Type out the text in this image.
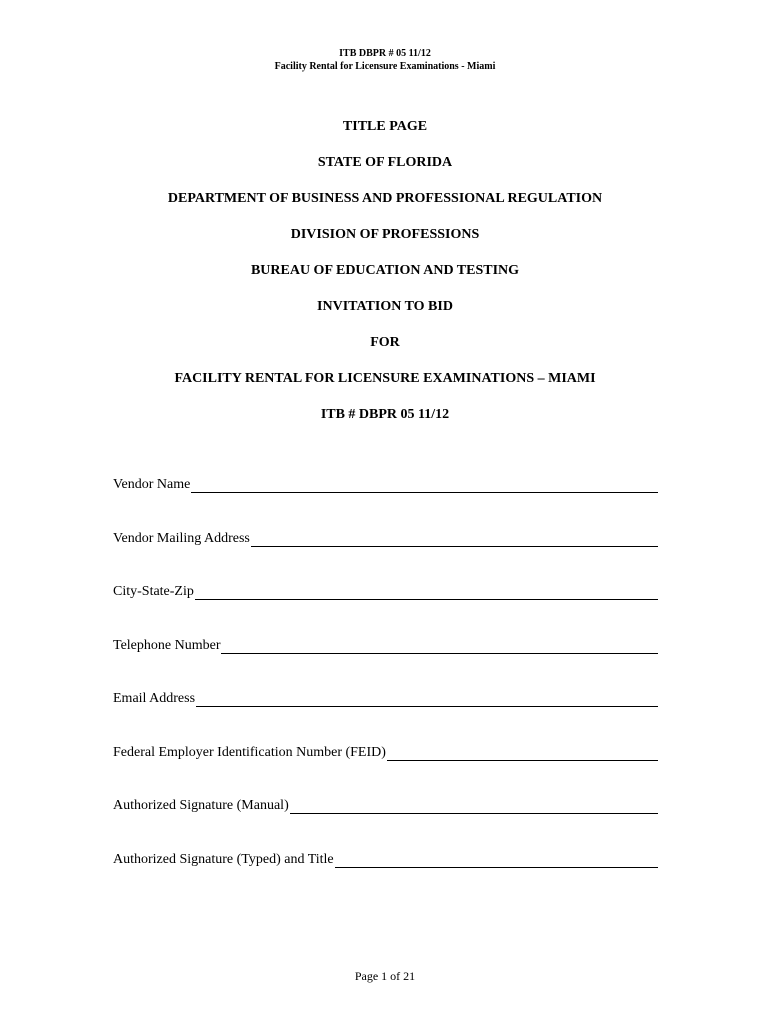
ITB DBPR # 05 11/12
Facility Rental for Licensure Examinations - Miami
TITLE PAGE
STATE OF FLORIDA
DEPARTMENT OF BUSINESS AND PROFESSIONAL REGULATION
DIVISION OF PROFESSIONS
BUREAU OF EDUCATION AND TESTING
INVITATION TO BID
FOR
FACILITY RENTAL FOR LICENSURE EXAMINATIONS – MIAMI
ITB # DBPR 05 11/12
Vendor Name
Vendor Mailing Address
City-State-Zip
Telephone Number
Email Address
Federal Employer Identification Number (FEID)
Authorized Signature (Manual)
Authorized Signature (Typed) and Title
Page 1 of 21
